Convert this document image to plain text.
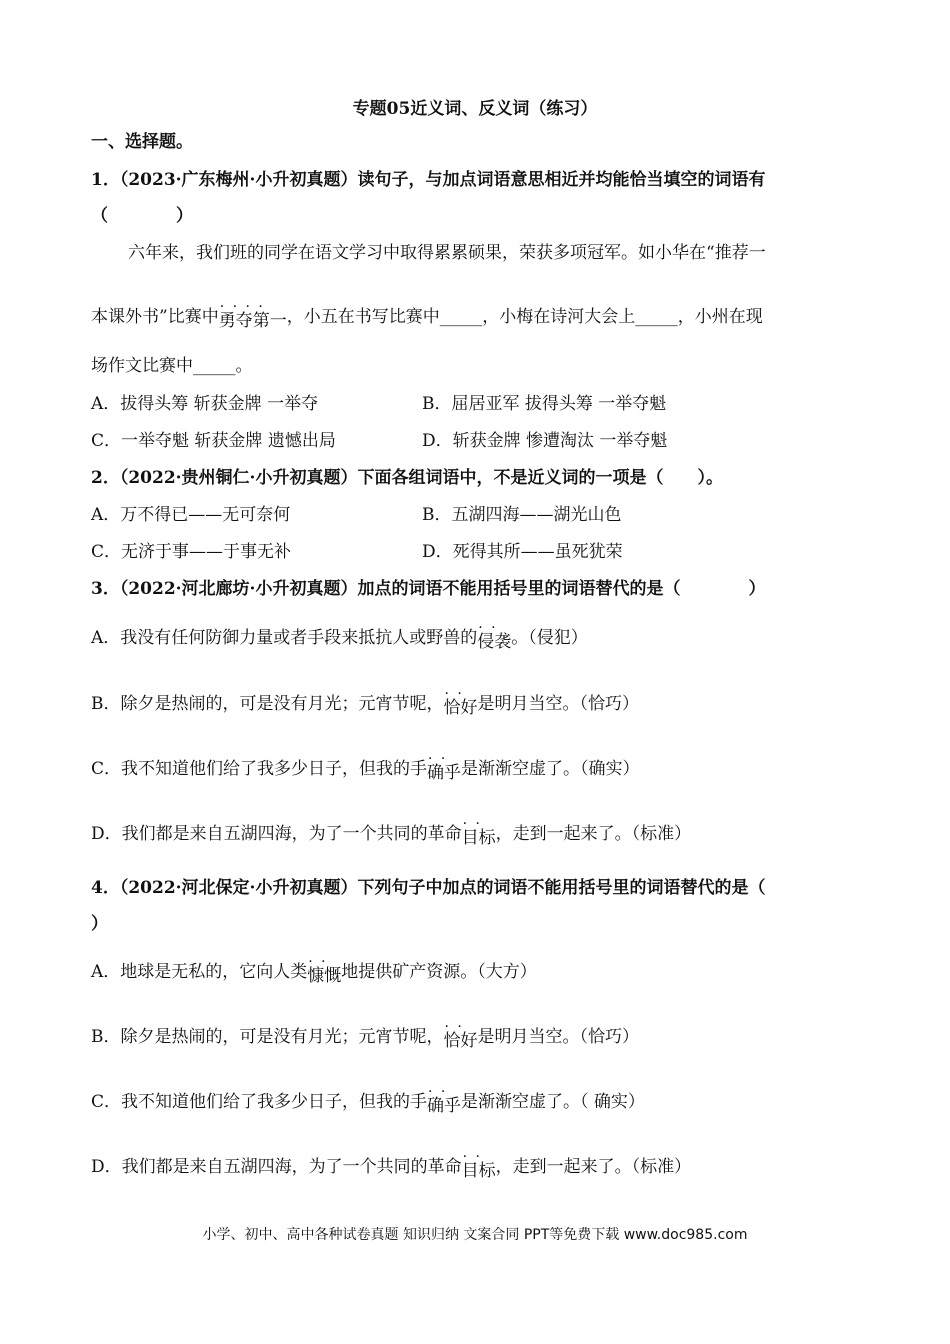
专题05近义词、反义词（练习）
一、选择题。
1．（2023·广东梅州·小升初真题）读句子，与加点词语意思相近并均能恰当填空的词语有
（　　　　）
六年来，我们班的同学在语文学习中取得累累硕果，荣获多项冠军。如小华在“推荐一
本课外书”比赛中· · · · 勇夺第一，小五在书写比赛中_____，小梅在诗河大会上_____，小州在现
场作文比赛中_____。
A．拔得头筹 斩获金牌 一举夺	B．屈居亚军 拔得头筹 一举夺魁
C．一举夺魁 斩获金牌 遗憾出局	D．斩获金牌 惨遭淘汰 一举夺魁
2．（2022·贵州铜仁·小升初真题）下面各组词语中，不是近义词的一项是（　　）。
A．万不得已——无可奈何	B．五湖四海——湖光山色
C．无济于事——于事无补	D．死得其所——虽死犹荣
3．（2022·河北廊坊·小升初真题）加点的词语不能用括号里的词语替代的是（　　　　）
A．我没有任何防御力量或者手段来抵抗人或野兽的· · 侵袭。（侵犯）
B．除夕是热闹的，可是没有月光；元宵节呢，· · 恰好是明月当空。（恰巧）
C．我不知道他们给了我多少日子，但我的手· · 确乎是渐渐空虚了。（确实）
D．我们都是来自五湖四海，为了一个共同的革命· · 目标，走到一起来了。（标准）
4．（2022·河北保定·小升初真题）下列句子中加点的词语不能用括号里的词语替代的是（
）
A．地球是无私的，它向人类· · 慷慨地提供矿产资源。（大方）
B．除夕是热闹的，可是没有月光；元宵节呢，· · 恰好是明月当空。（恰巧）
C．我不知道他们给了我多少日子，但我的手· · 确乎是渐渐空虚了。（ 确实）
D．我们都是来自五湖四海，为了一个共同的革命· · 目标，走到一起来了。（标准）
小学、初中、高中各种试卷真题 知识归纳 文案合同 PPT等免费下载 www.doc985.com
